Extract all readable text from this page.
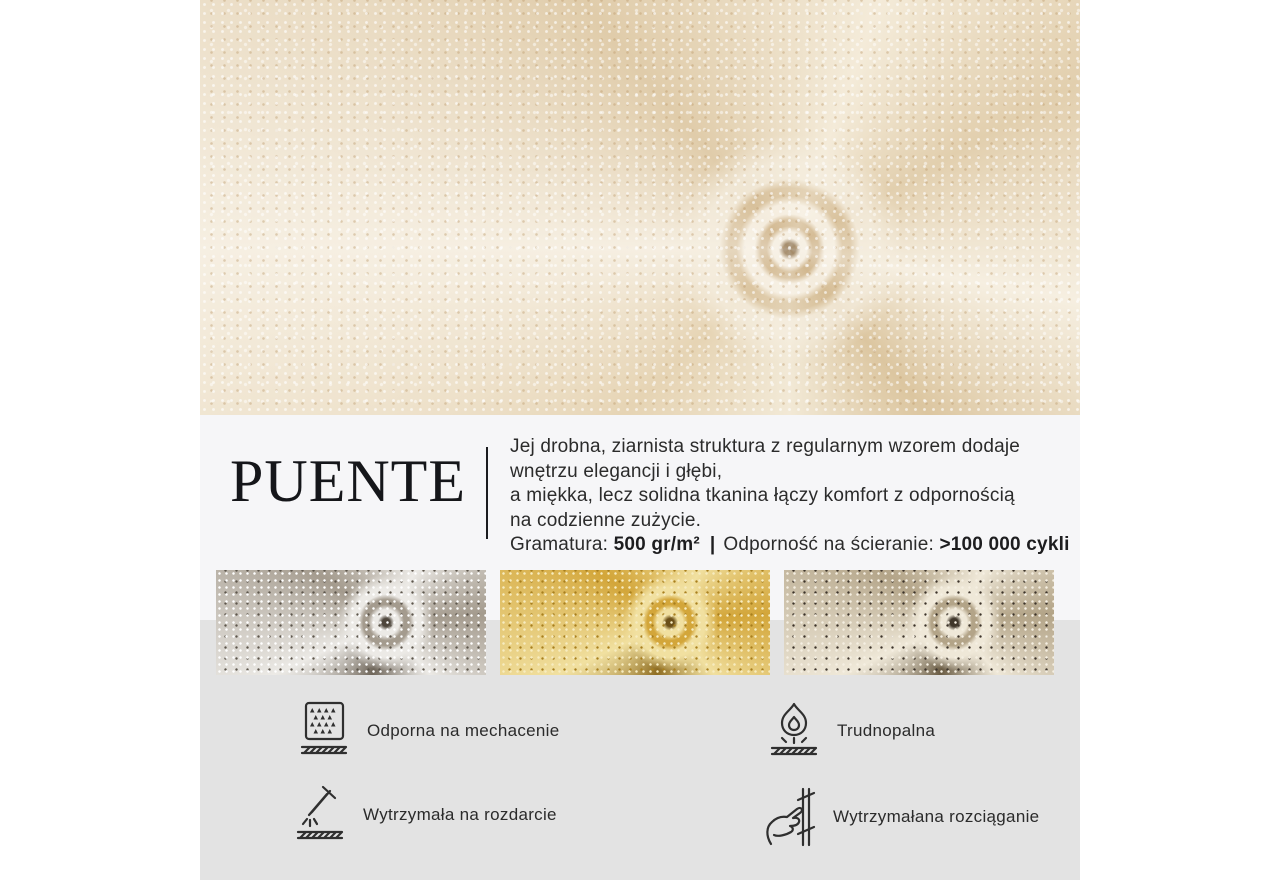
PUENTE
Jej drobna, ziarnista struktura z regularnym wzorem dodaje
wnętrzu elegancji i głębi,
a miękka, lecz solidna tkanina łączy komfort z odpornością
na codzienne zużycie.
Gramatura: 500 gr/m² | Odporność na ścieranie: >100 000 cykli
Odporna na mechacenie	Trudnopalna
Wytrzymała na rozdarcie	Wytrzymałana rozciąganie
